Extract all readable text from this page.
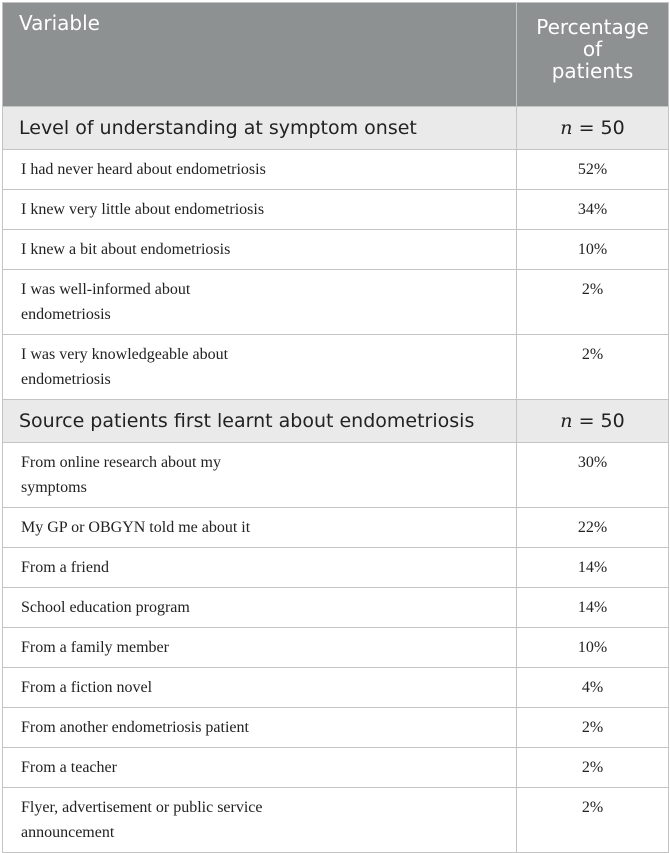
Variable	Percentage
of
patients

Level of understanding at symptom onset	n = 50
I had never heard about endometriosis	52%
I knew very little about endometriosis	34%
I knew a bit about endometriosis	10%
I was well-informed about endometriosis	2%
I was very knowledgeable about endometriosis	2%
Source patients first learnt about endometriosis	n = 50
From online research about my symptoms	30%
My GP or OBGYN told me about it	22%
From a friend	14%
School education program	14%
From a family member	10%
From a fiction novel	4%
From another endometriosis patient	2%
From a teacher	2%
Flyer, advertisement or public service announcement	2%
